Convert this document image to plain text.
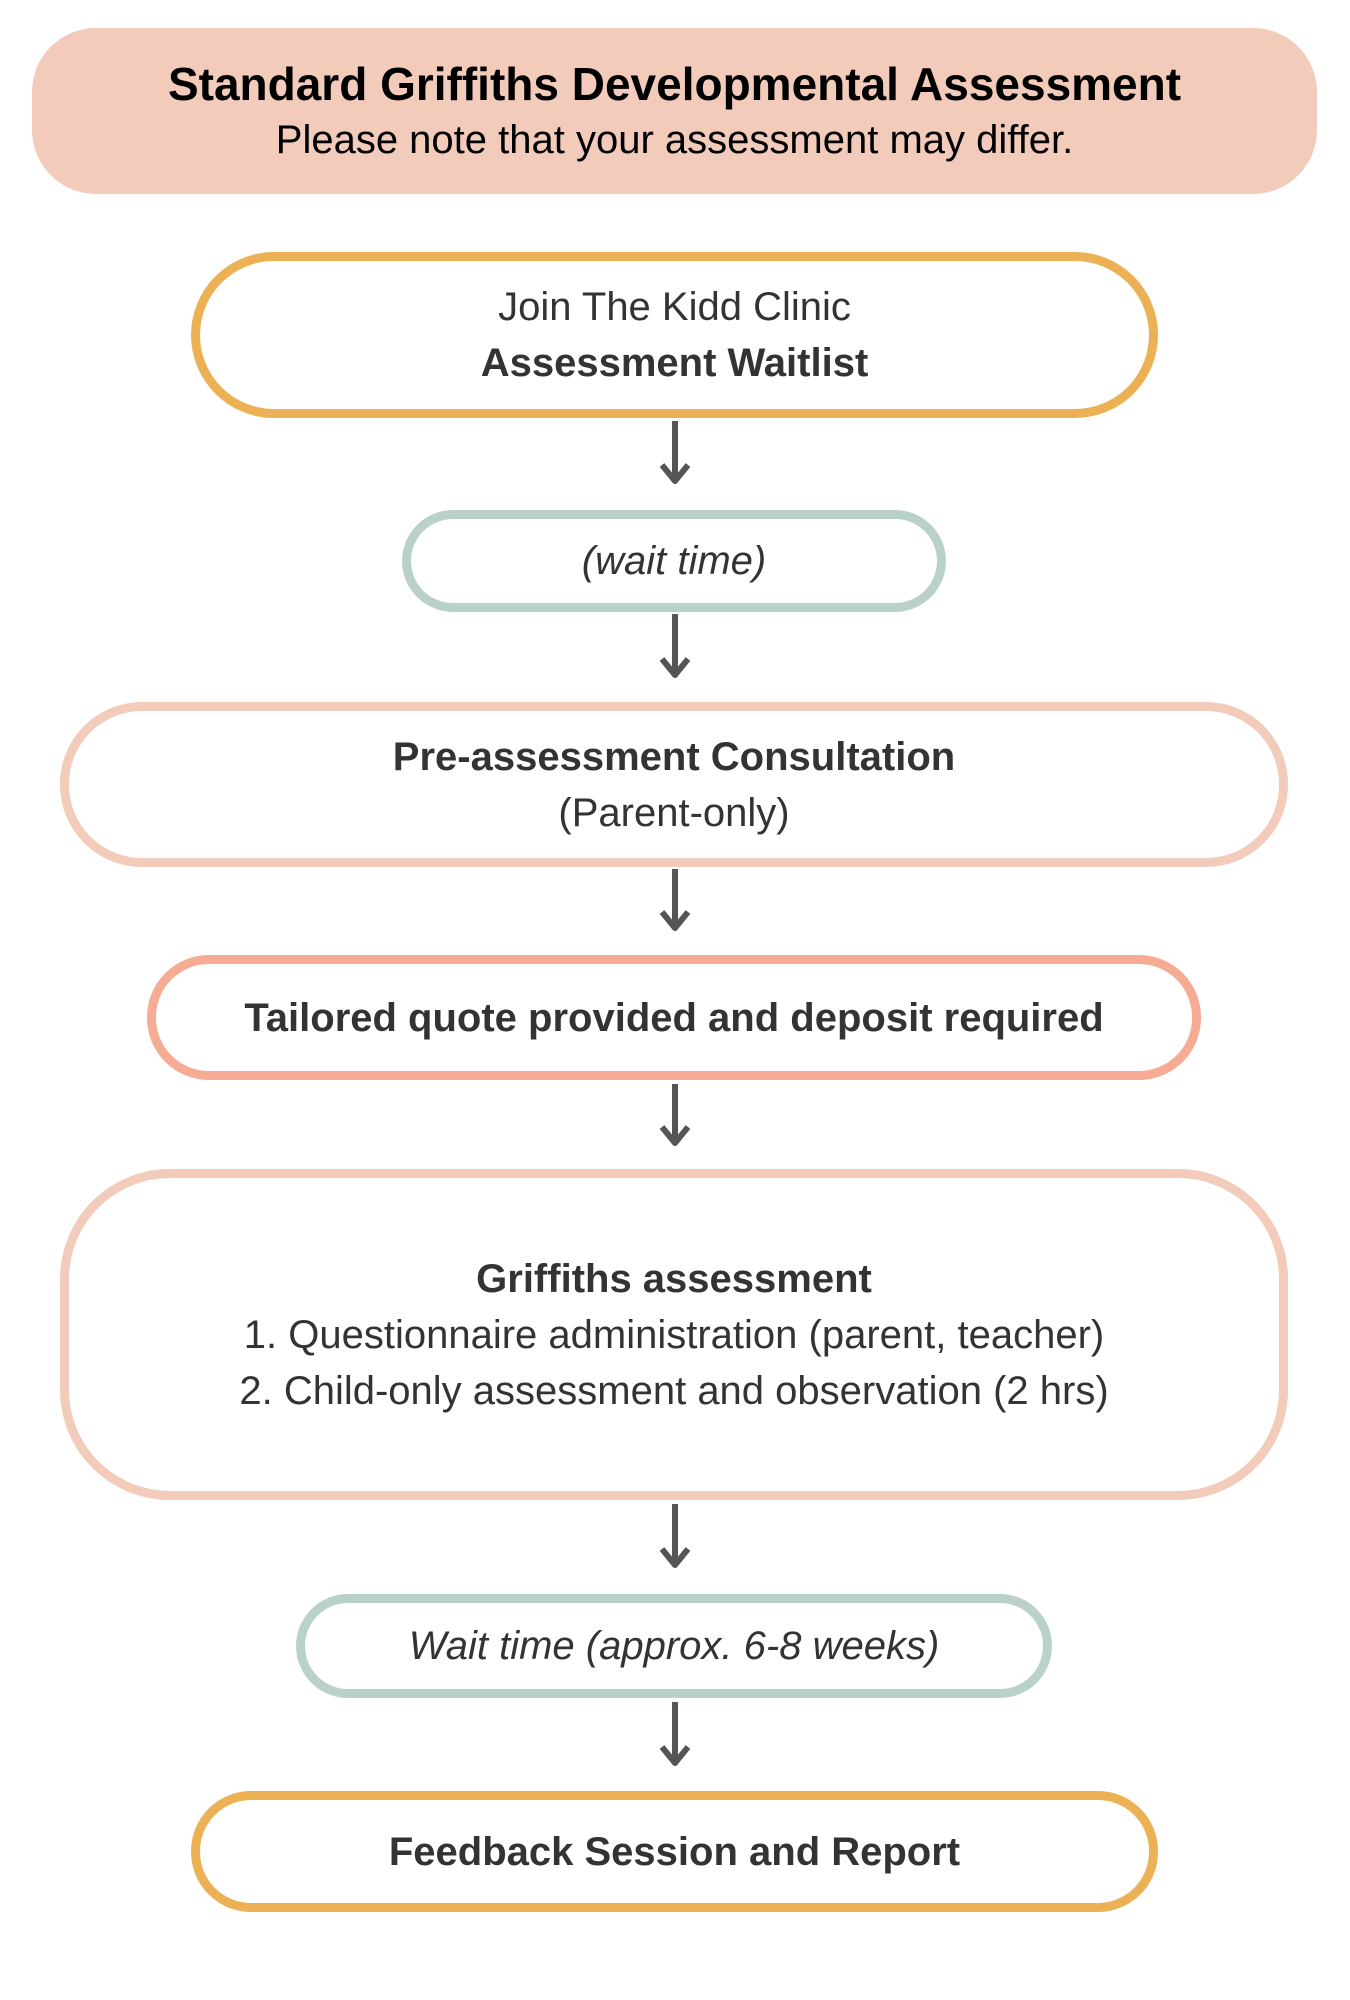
Standard Griffiths Developmental Assessment
Please note that your assessment may differ.
Join The Kidd Clinic
Assessment Waitlist
(wait time)
Pre-assessment Consultation
(Parent-only)
Tailored quote provided and deposit required
Griffiths assessment
1. Questionnaire administration (parent, teacher)
2. Child-only assessment and observation (2 hrs)
Wait time (approx. 6-8 weeks)
Feedback Session and Report
